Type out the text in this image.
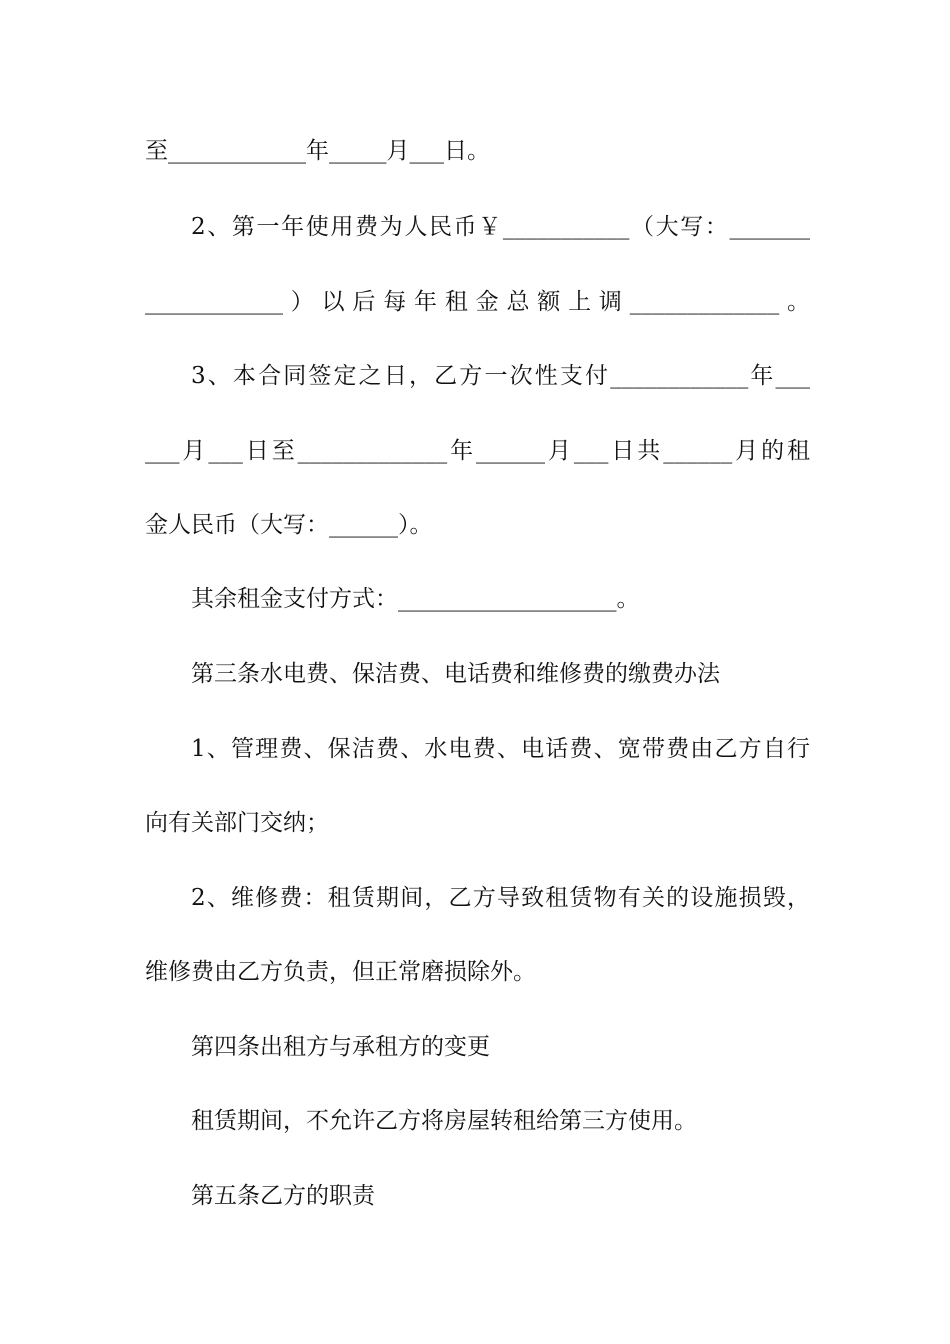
至____________年_____月___日。
2、第一年使用费为人民币￥___________（大写：_______
____________）以后每年租金总额上调_____________。
3、本合同签定之日，乙方一次性支付____________年___
___月___日至_____________年______月___日共______月的租
金人民币（大写：______）。
其余租金支付方式：___________________。
第三条水电费、保洁费、电话费和维修费的缴费办法
1、管理费、保洁费、水电费、电话费、宽带费由乙方自行
向有关部门交纳；
2、维修费：租赁期间，乙方导致租赁物有关的设施损毁，
维修费由乙方负责，但正常磨损除外。
第四条出租方与承租方的变更
租赁期间，不允许乙方将房屋转租给第三方使用。
第五条乙方的职责
